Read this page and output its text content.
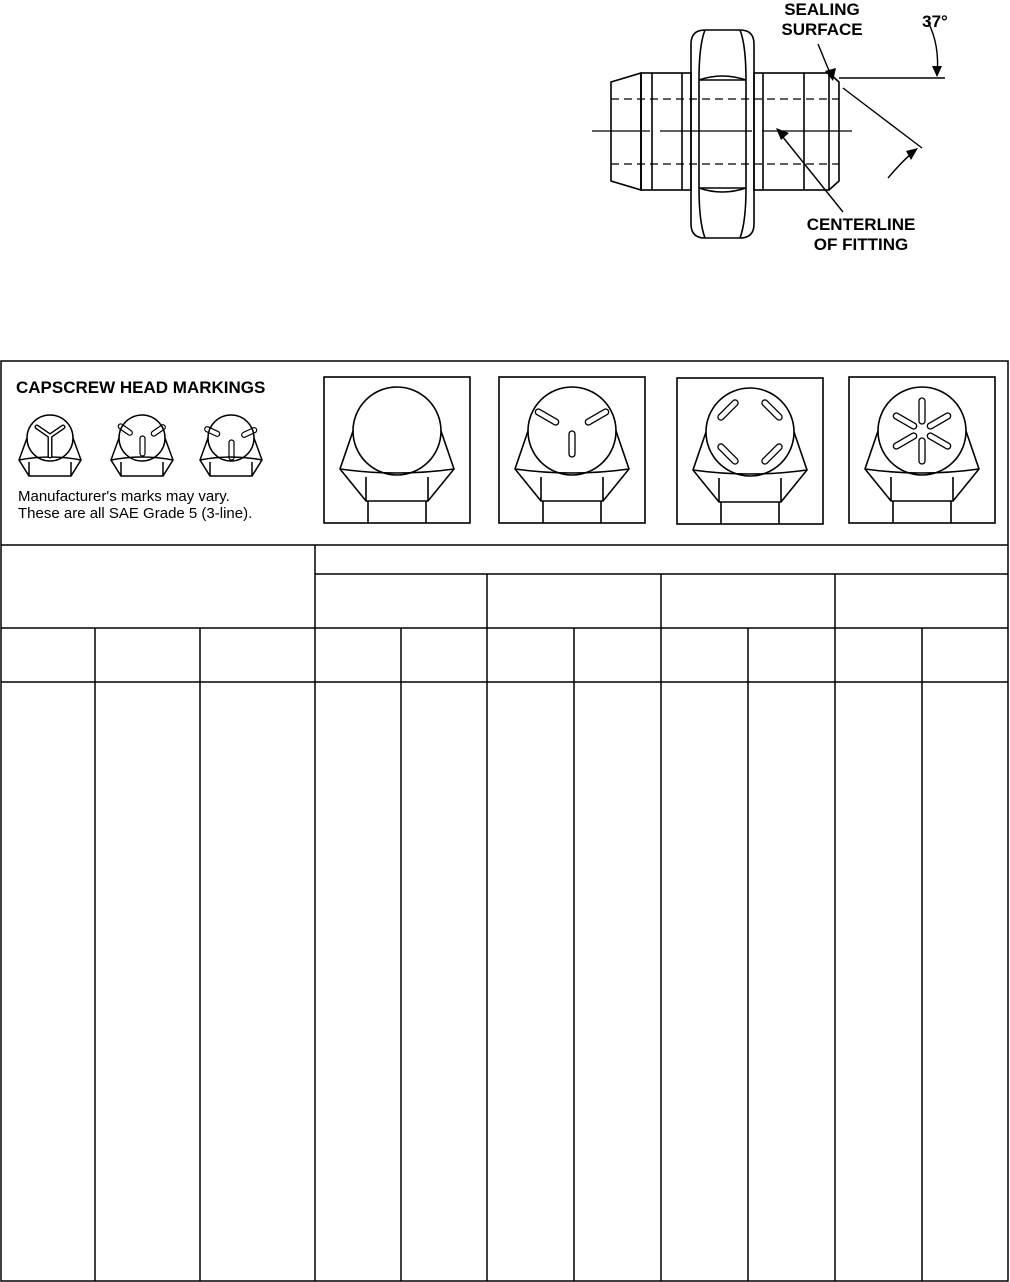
SEALING
SURFACE	37°
CENTERLINE
OF FITTING
CAPSCREW HEAD MARKINGS
Manufacturer's marks may vary.
These are all SAE Grade 5 (3-line).
